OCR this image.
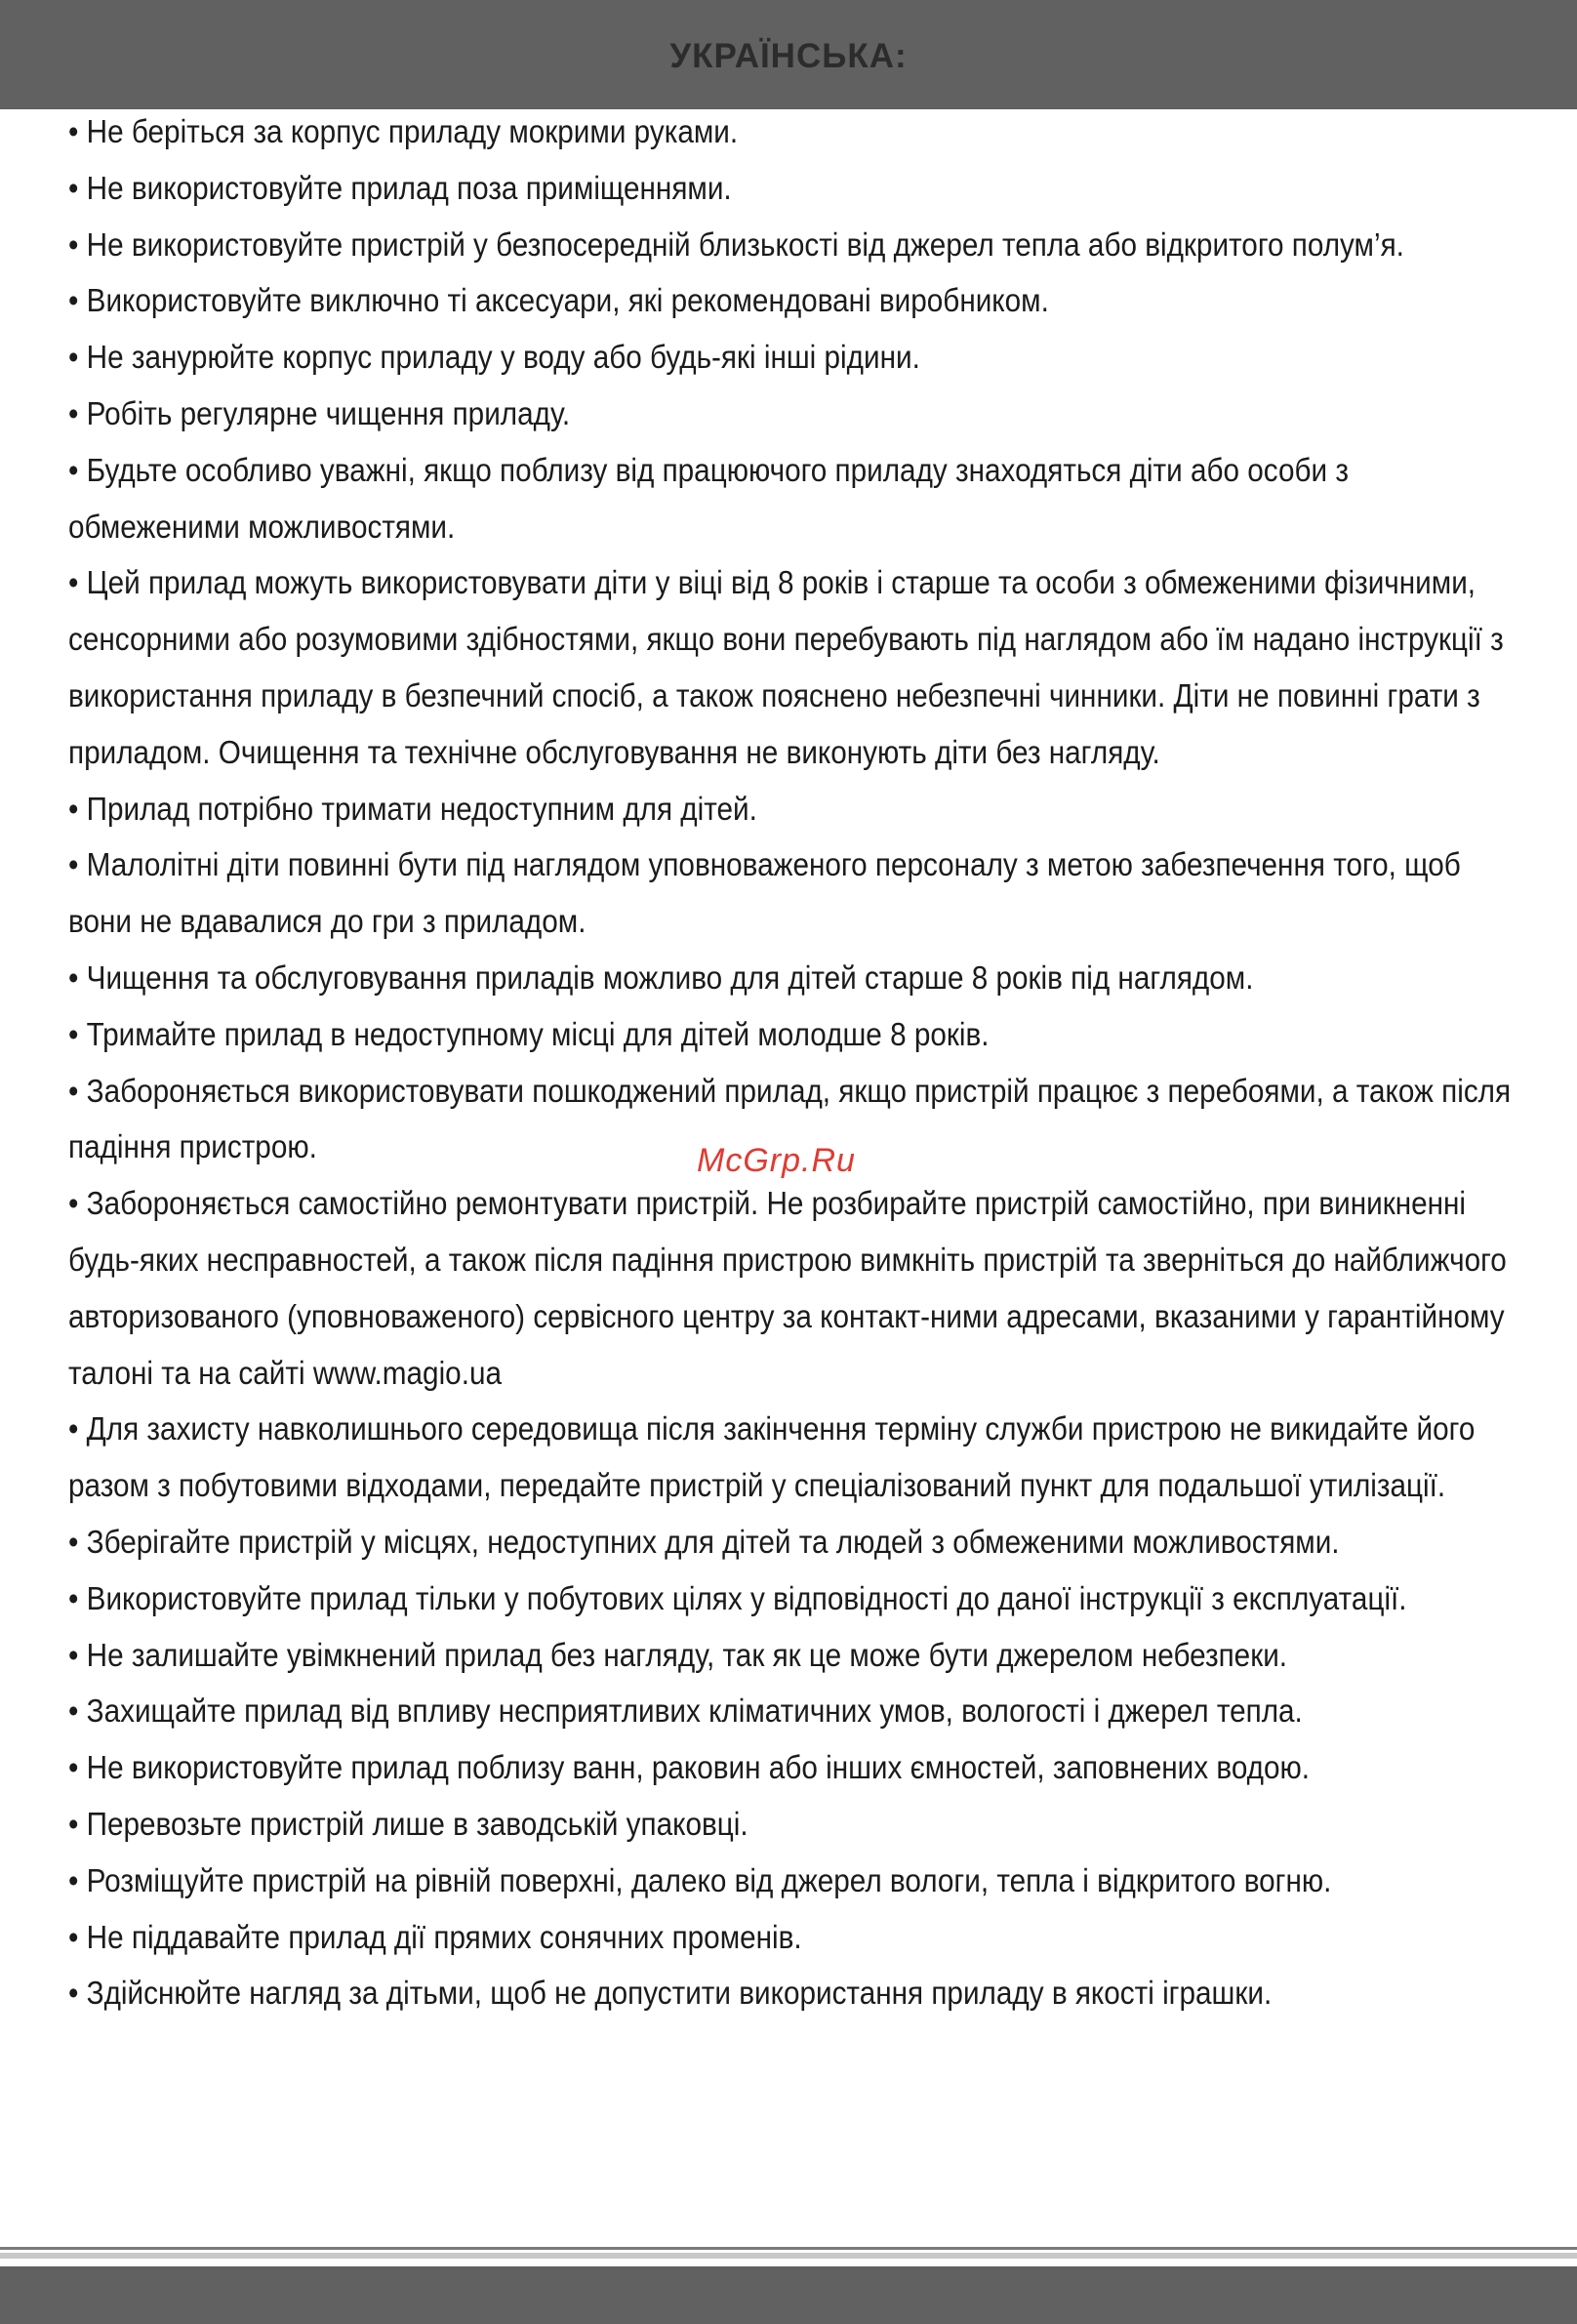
УКРАЇНСЬКА:

• Не беріться за корпус приладу мокрими руками.

• Не використовуйте прилад поза приміщеннями.

• Не використовуйте пристрій у безпосередній близькості від джерел тепла або відкритого полум’я.

• Використовуйте виключно ті аксесуари, які рекомендовані виробником.

• Не занурюйте корпус приладу у воду або будь-які інші рідини.

• Робіть регулярне чищення приладу.

• Будьте особливо уважні, якщо поблизу від працюючого приладу знаходяться діти або особи з обмеженими можливостями.

• Цей прилад можуть використовувати діти у віці від 8 років і старше та особи з обмеженими фізичними, сенсорними або розумовими здібностями, якщо вони перебувають під наглядом або їм надано інструкції з використання приладу в безпечний спосіб, а також пояснено небезпечні чинники. Діти не повинні грати з приладом. Очищення та технічне обслуговування не виконують діти без нагляду.

• Прилад потрібно тримати недоступним для дітей.

• Малолітні діти повинні бути під наглядом уповноваженого персоналу з метою забезпечення того, щоб вони не вдавалися до гри з приладом.

• Чищення та обслуговування приладів можливо для дітей старше 8 років під наглядом.

• Тримайте прилад в недоступному місці для дітей молодше 8 років.

• Забороняється використовувати пошкоджений прилад, якщо пристрій працює з перебоями, а також після падіння пристрою.

• Забороняється самостійно ремонтувати пристрій. Не розбирайте пристрій самостійно, при виникненні будь-яких несправностей, а також після падіння пристрою вимкніть пристрій та зверніться до найближчого авторизованого (уповноваженого) сервісного центру за контакт-ними адресами, вказаними у гарантійному талоні та на сайті www.magio.ua

• Для захисту навколишнього середовища після закінчення терміну служби пристрою не викидайте його разом з побутовими відходами, передайте пристрій у спеціалізований пункт для подальшої утилізації.

• Зберігайте пристрій у місцях, недоступних для дітей та людей з обмеженими можливостями.

• Використовуйте прилад тільки у побутових цілях у відповідності до даної інструкції з експлуатації.

• Не залишайте увімкнений прилад без нагляду, так як це може бути джерелом небезпеки.

• Захищайте прилад від впливу несприятливих кліматичних умов, вологості і джерел тепла.

• Не використовуйте прилад поблизу ванн, раковин або інших ємностей, заповнених водою.

• Перевозьте пристрій лише в заводській упаковці.

• Розміщуйте пристрій на рівній поверхні, далеко від джерел вологи, тепла і відкритого вогню.

• Не піддавайте прилад дії прямих сонячних променів.

• Здійснюйте нагляд за дітьми, щоб не допустити використання приладу в якості іграшки.

McGrp.Ru
